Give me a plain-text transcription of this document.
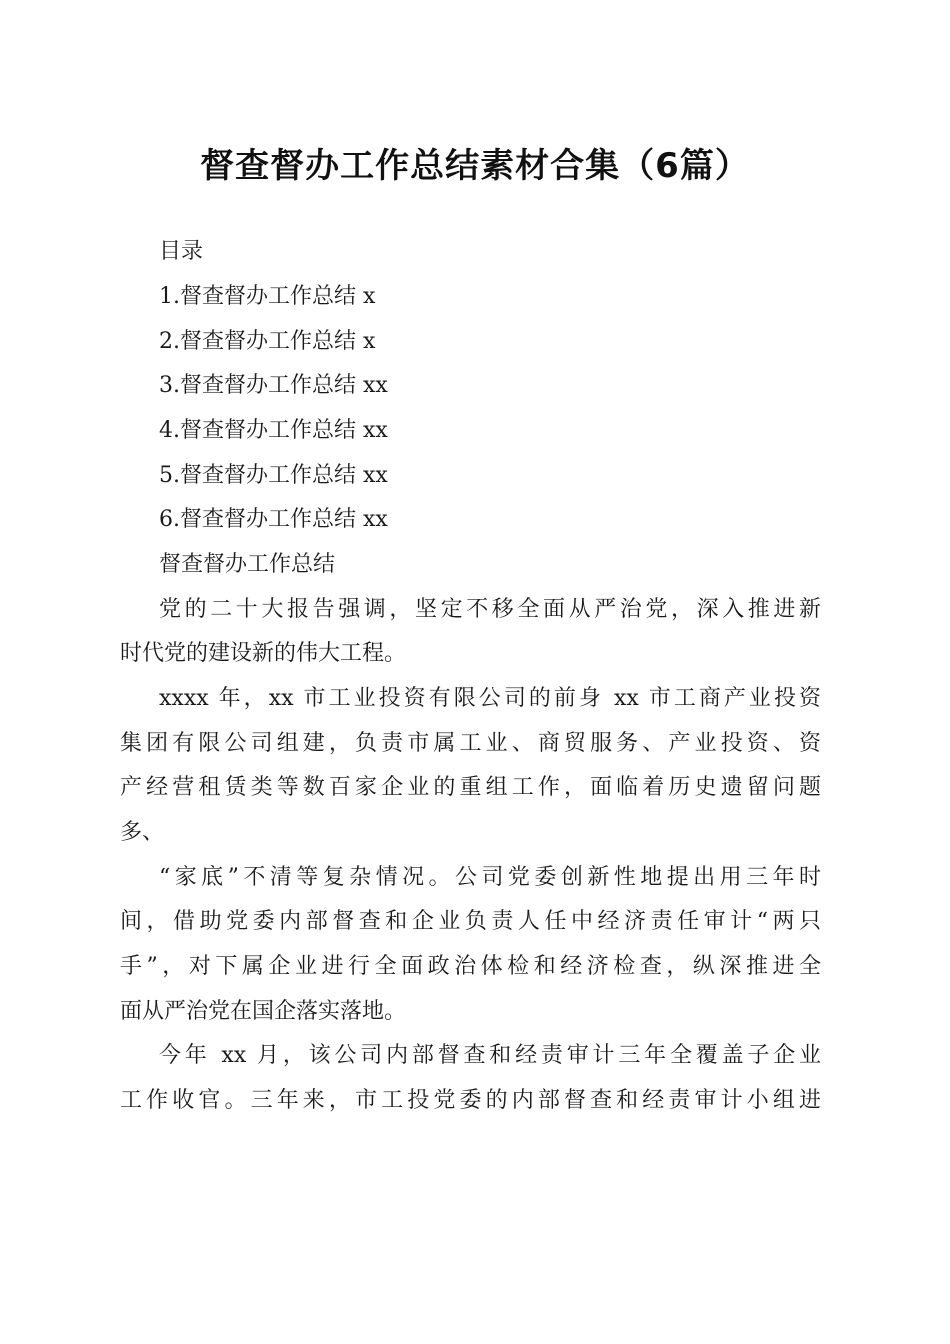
督查督办工作总结素材合集（6篇）
目录
1.督查督办工作总结 x
2.督查督办工作总结 x
3.督查督办工作总结 xx
4.督查督办工作总结 xx
5.督查督办工作总结 xx
6.督查督办工作总结 xx
督查督办工作总结
党的二十大报告强调，坚定不移全面从严治党，深入推进新
时代党的建设新的伟大工程。
xxxx 年，xx 市工业投资有限公司的前身 xx 市工商产业投资
集团有限公司组建，负责市属工业、商贸服务、产业投资、资
产经营租赁类等数百家企业的重组工作，面临着历史遗留问题
多、
“家底”不清等复杂情况。公司党委创新性地提出用三年时
间，借助党委内部督查和企业负责人任中经济责任审计“两只
手”，对下属企业进行全面政治体检和经济检查，纵深推进全
面从严治党在国企落实落地。
今年 xx 月，该公司内部督查和经责审计三年全覆盖子企业
工作收官。三年来，市工投党委的内部督查和经责审计小组进
